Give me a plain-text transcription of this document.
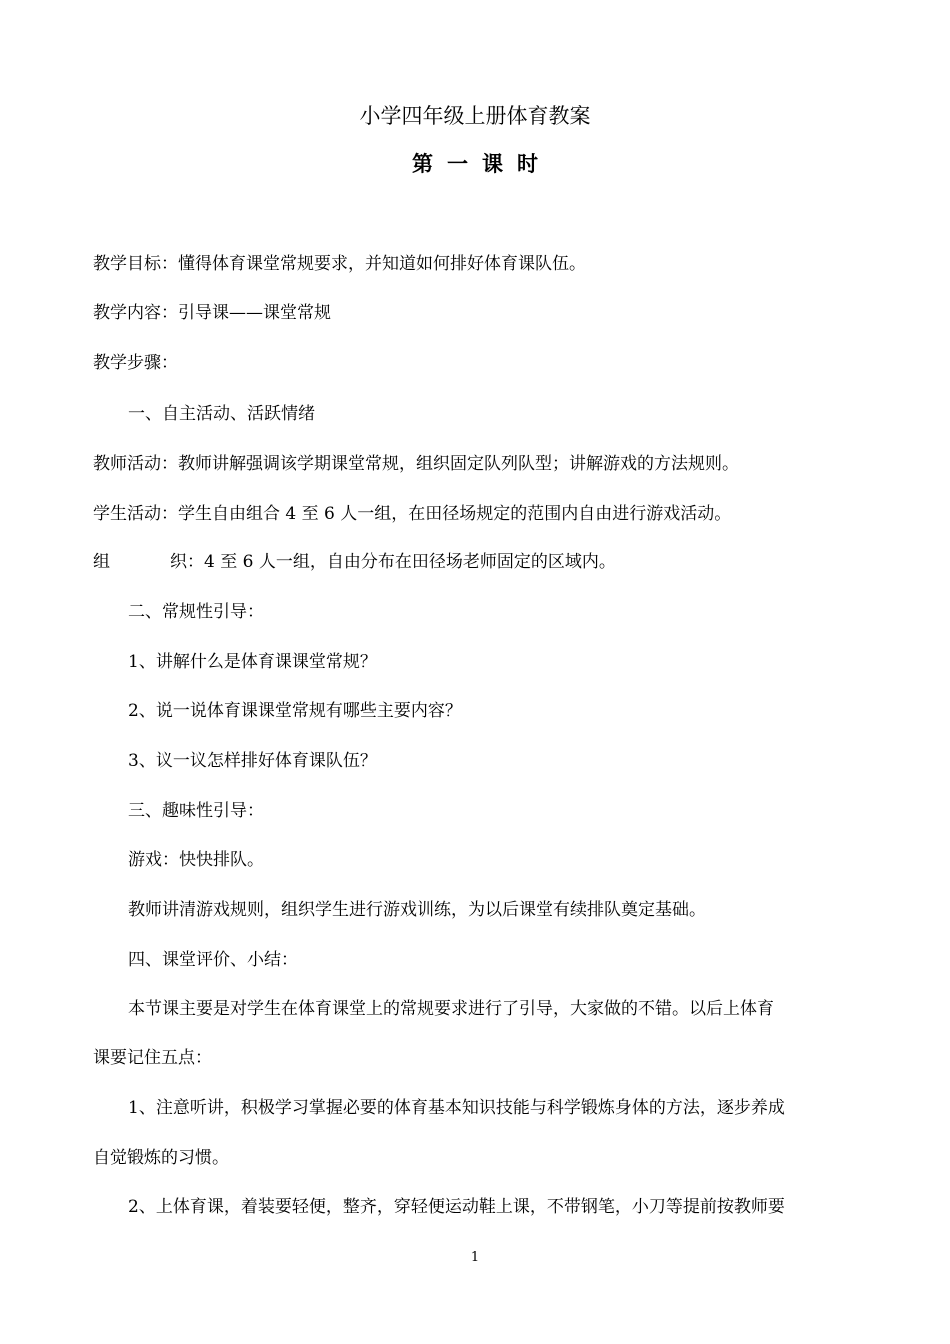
小学四年级上册体育教案
第一课时
教学目标：懂得体育课堂常规要求，并知道如何排好体育课队伍。
教学内容：引导课——课堂常规
教学步骤：
一、自主活动、活跃情绪
教师活动：教师讲解强调该学期课堂常规，组织固定队列队型；讲解游戏的方法规则。
学生活动：学生自由组合 4 至 6 人一组，在田径场规定的范围内自由进行游戏活动。
组	织：4 至 6 人一组，自由分布在田径场老师固定的区域内。
二、常规性引导：
1、讲解什么是体育课课堂常规？
2、说一说体育课课堂常规有哪些主要内容？
3、议一议怎样排好体育课队伍？
三、趣味性引导：
游戏：快快排队。
教师讲清游戏规则，组织学生进行游戏训练，为以后课堂有续排队奠定基础。
四、课堂评价、小结：
本节课主要是对学生在体育课堂上的常规要求进行了引导，大家做的不错。以后上体育
课要记住五点：
1、注意听讲，积极学习掌握必要的体育基本知识技能与科学锻炼身体的方法，逐步养成
自觉锻炼的习惯。
2、上体育课，着装要轻便，整齐，穿轻便运动鞋上课，不带钢笔，小刀等提前按教师要
1
